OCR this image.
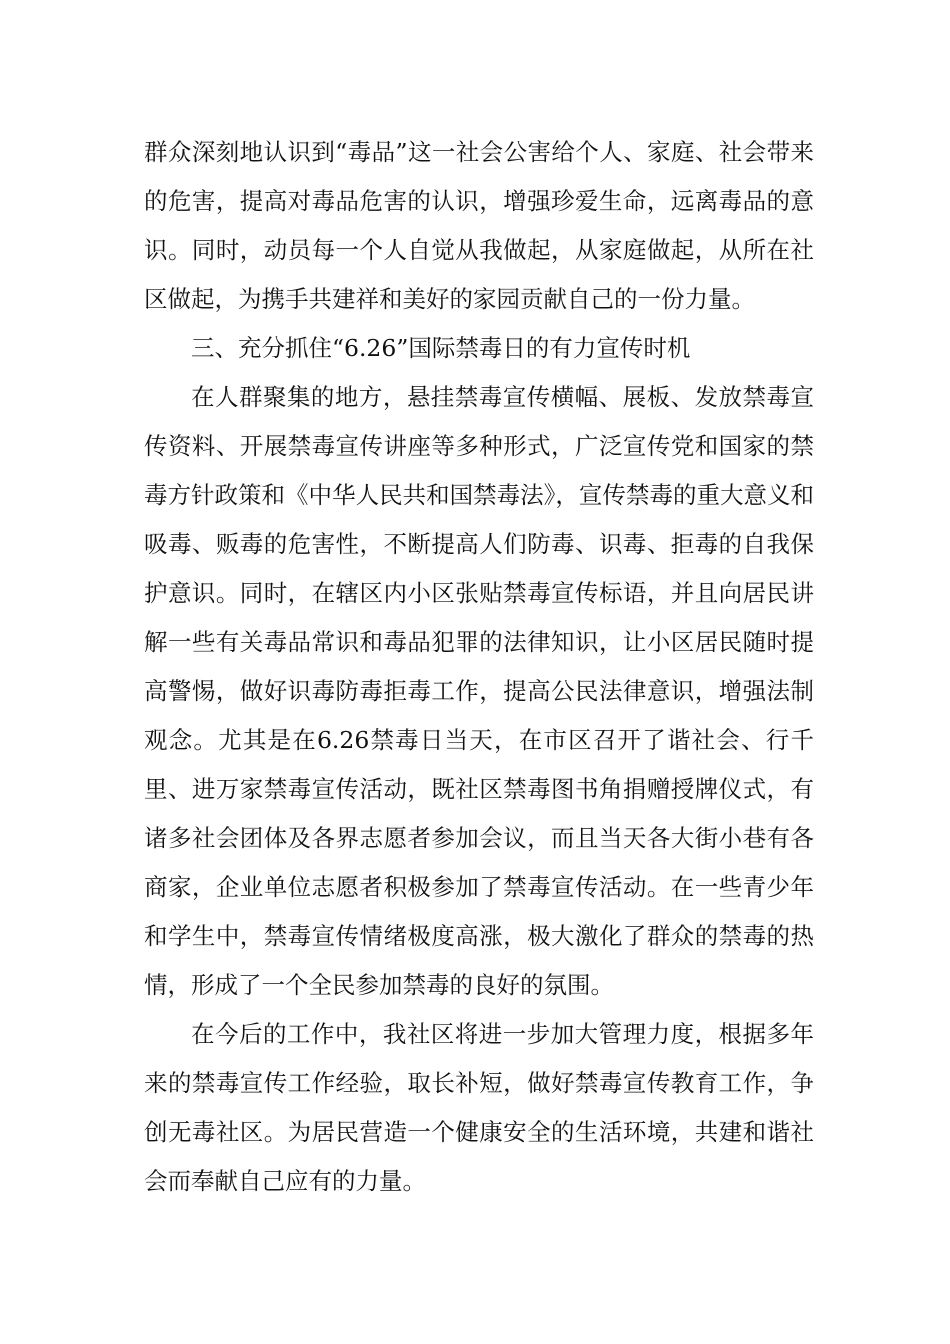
群众深刻地认识到“毒品”这一社会公害给个人、家庭、社会带来的危害，提高对毒品危害的认识，增强珍爱生命，远离毒品的意识。同时，动员每一个人自觉从我做起，从家庭做起，从所在社区做起，为携手共建祥和美好的家园贡献自己的一份力量。

三、充分抓住“6.26”国际禁毒日的有力宣传时机

在人群聚集的地方，悬挂禁毒宣传横幅、展板、发放禁毒宣传资料、开展禁毒宣传讲座等多种形式，广泛宣传党和国家的禁毒方针政策和《中华人民共和国禁毒法》，宣传禁毒的重大意义和吸毒、贩毒的危害性，不断提高人们防毒、识毒、拒毒的自我保护意识。同时，在辖区内小区张贴禁毒宣传标语，并且向居民讲解一些有关毒品常识和毒品犯罪的法律知识，让小区居民随时提高警惕，做好识毒防毒拒毒工作，提高公民法律意识，增强法制观念。尤其是在6.26禁毒日当天，在市区召开了谐社会、行千里、进万家禁毒宣传活动，既社区禁毒图书角捐赠授牌仪式，有诸多社会团体及各界志愿者参加会议，而且当天各大街小巷有各商家，企业单位志愿者积极参加了禁毒宣传活动。在一些青少年和学生中，禁毒宣传情绪极度高涨，极大激化了群众的禁毒的热情，形成了一个全民参加禁毒的良好的氛围。

在今后的工作中，我社区将进一步加大管理力度，根据多年来的禁毒宣传工作经验，取长补短，做好禁毒宣传教育工作，争创无毒社区。为居民营造一个健康安全的生活环境，共建和谐社会而奉献自己应有的力量。
